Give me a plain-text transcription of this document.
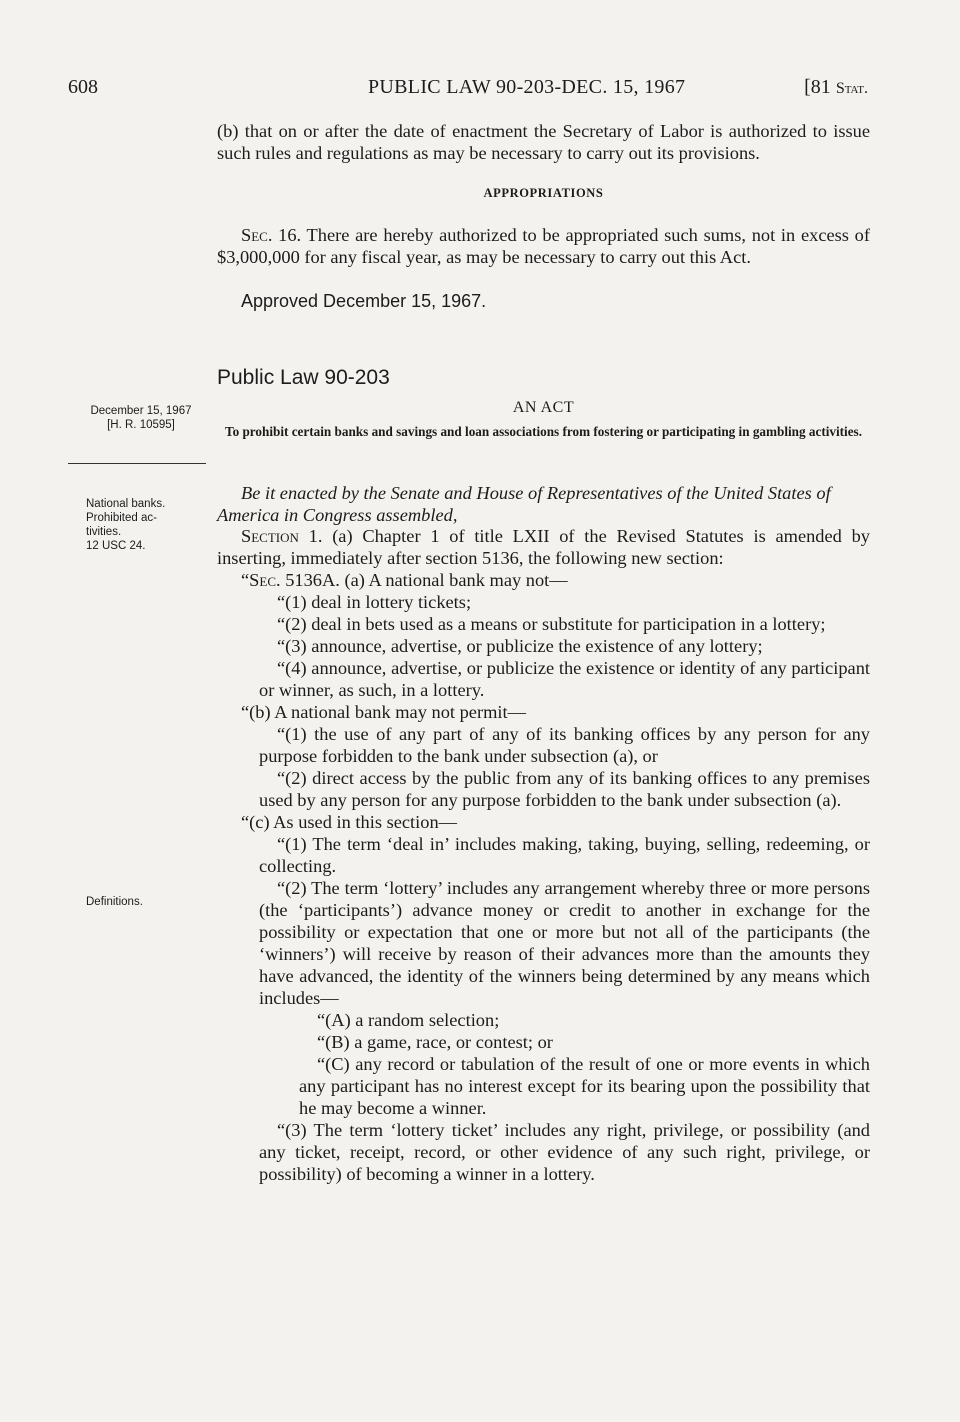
608	PUBLIC LAW 90-203-DEC. 15, 1967	[81 Stat.

(b) that on or after the date of enactment the Secretary of Labor is authorized to issue such rules and regulations as may be necessary to carry out its provisions.

APPROPRIATIONS

Sec. 16. There are hereby authorized to be appropriated such sums, not in excess of $3,000,000 for any fiscal year, as may be necessary to carry out this Act.

Approved December 15, 1967.
Public Law 90-203
December 15, 1967
[H. R. 10595]
AN ACT
To prohibit certain banks and savings and loan associations from fostering or participating in gambling activities.
National banks.
Prohibited ac-
tivities.
12 USC 24.
Be it enacted by the Senate and House of Representatives of the United States of America in Congress assembled,

Section 1. (a) Chapter 1 of title LXII of the Revised Statutes is amended by inserting, immediately after section 5136, the following new section:

“Sec. 5136A. (a) A national bank may not—

“(1) deal in lottery tickets;

“(2) deal in bets used as a means or substitute for participation in a lottery;

“(3) announce, advertise, or publicize the existence of any lottery;

“(4) announce, advertise, or publicize the existence or identity of any participant or winner, as such, in a lottery.

“(b) A national bank may not permit—

“(1) the use of any part of any of its banking offices by any person for any purpose forbidden to the bank under subsection (a), or

“(2) direct access by the public from any of its banking offices to any premises used by any person for any purpose forbidden to the bank under subsection (a).

“(c) As used in this section—

“(1) The term ‘deal in’ includes making, taking, buying, selling, redeeming, or collecting.

“(2) The term ‘lottery’ includes any arrangement whereby three or more persons (the ‘participants’) advance money or credit to another in exchange for the possibility or expectation that one or more but not all of the participants (the ‘winners’) will receive by reason of their advances more than the amounts they have advanced, the identity of the winners being determined by any means which includes—

“(A) a random selection;

“(B) a game, race, or contest; or

“(C) any record or tabulation of the result of one or more events in which any participant has no interest except for its bearing upon the possibility that he may become a winner.

“(3) The term ‘lottery ticket’ includes any right, privilege, or possibility (and any ticket, receipt, record, or other evidence of any such right, privilege, or possibility) of becoming a winner in a lottery.

Definitions.
